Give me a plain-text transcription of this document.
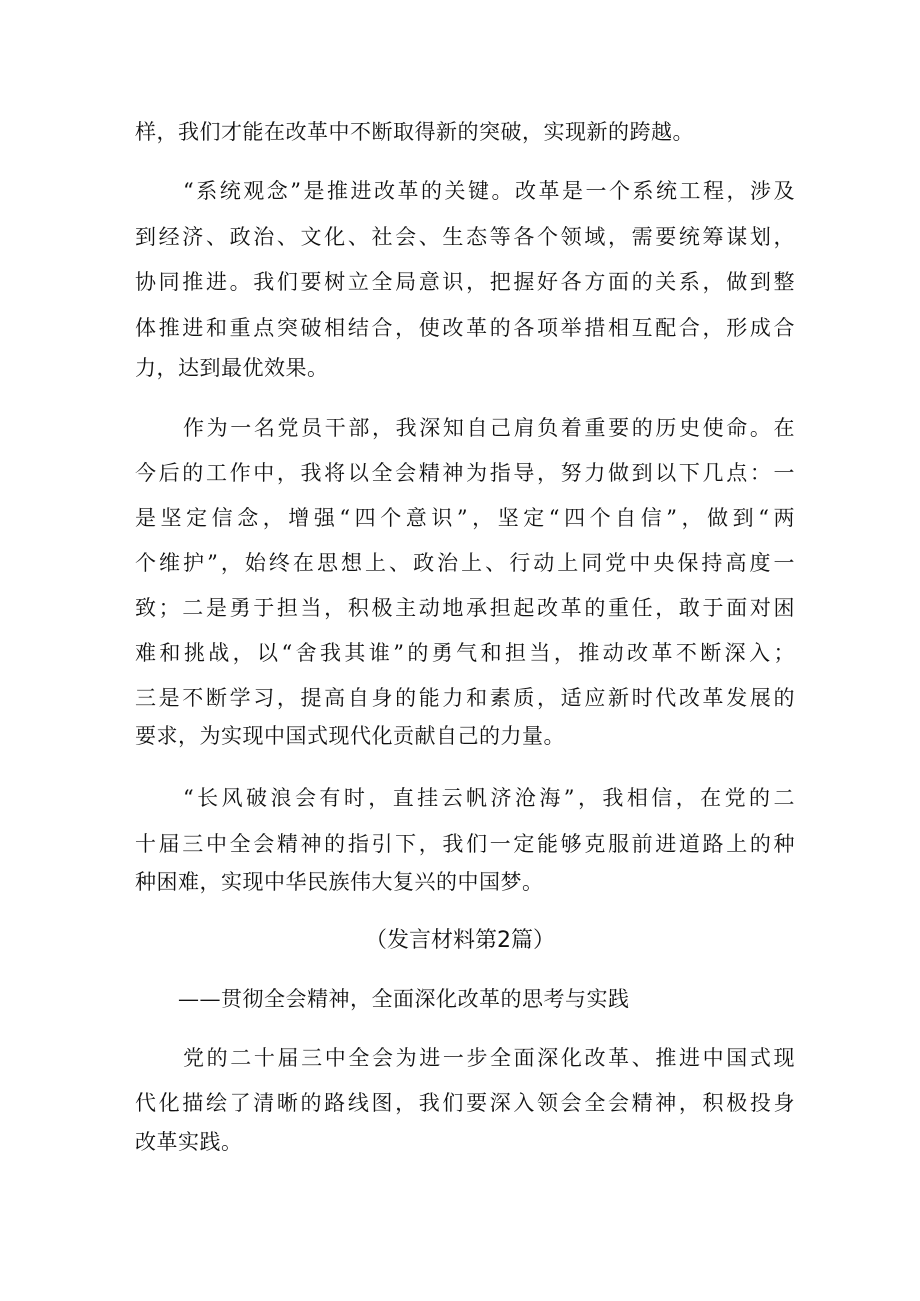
样，我们才能在改革中不断取得新的突破，实现新的跨越。
“系统观念”是推进改革的关键。改革是一个系统工程，涉及
到经济、政治、文化、社会、生态等各个领域，需要统筹谋划，
协同推进。我们要树立全局意识，把握好各方面的关系，做到整
体推进和重点突破相结合，使改革的各项举措相互配合，形成合
力，达到最优效果。
作为一名党员干部，我深知自己肩负着重要的历史使命。在
今后的工作中，我将以全会精神为指导，努力做到以下几点：一
是坚定信念，增强“四个意识”，坚定“四个自信”，做到“两
个维护”，始终在思想上、政治上、行动上同党中央保持高度一
致；二是勇于担当，积极主动地承担起改革的重任，敢于面对困
难和挑战，以“舍我其谁”的勇气和担当，推动改革不断深入；
三是不断学习，提高自身的能力和素质，适应新时代改革发展的
要求，为实现中国式现代化贡献自己的力量。
“长风破浪会有时，直挂云帆济沧海”，我相信，在党的二
十届三中全会精神的指引下，我们一定能够克服前进道路上的种
种困难，实现中华民族伟大复兴的中国梦。
（发言材料第2篇）
——贯彻全会精神，全面深化改革的思考与实践
党的二十届三中全会为进一步全面深化改革、推进中国式现
代化描绘了清晰的路线图，我们要深入领会全会精神，积极投身
改革实践。
